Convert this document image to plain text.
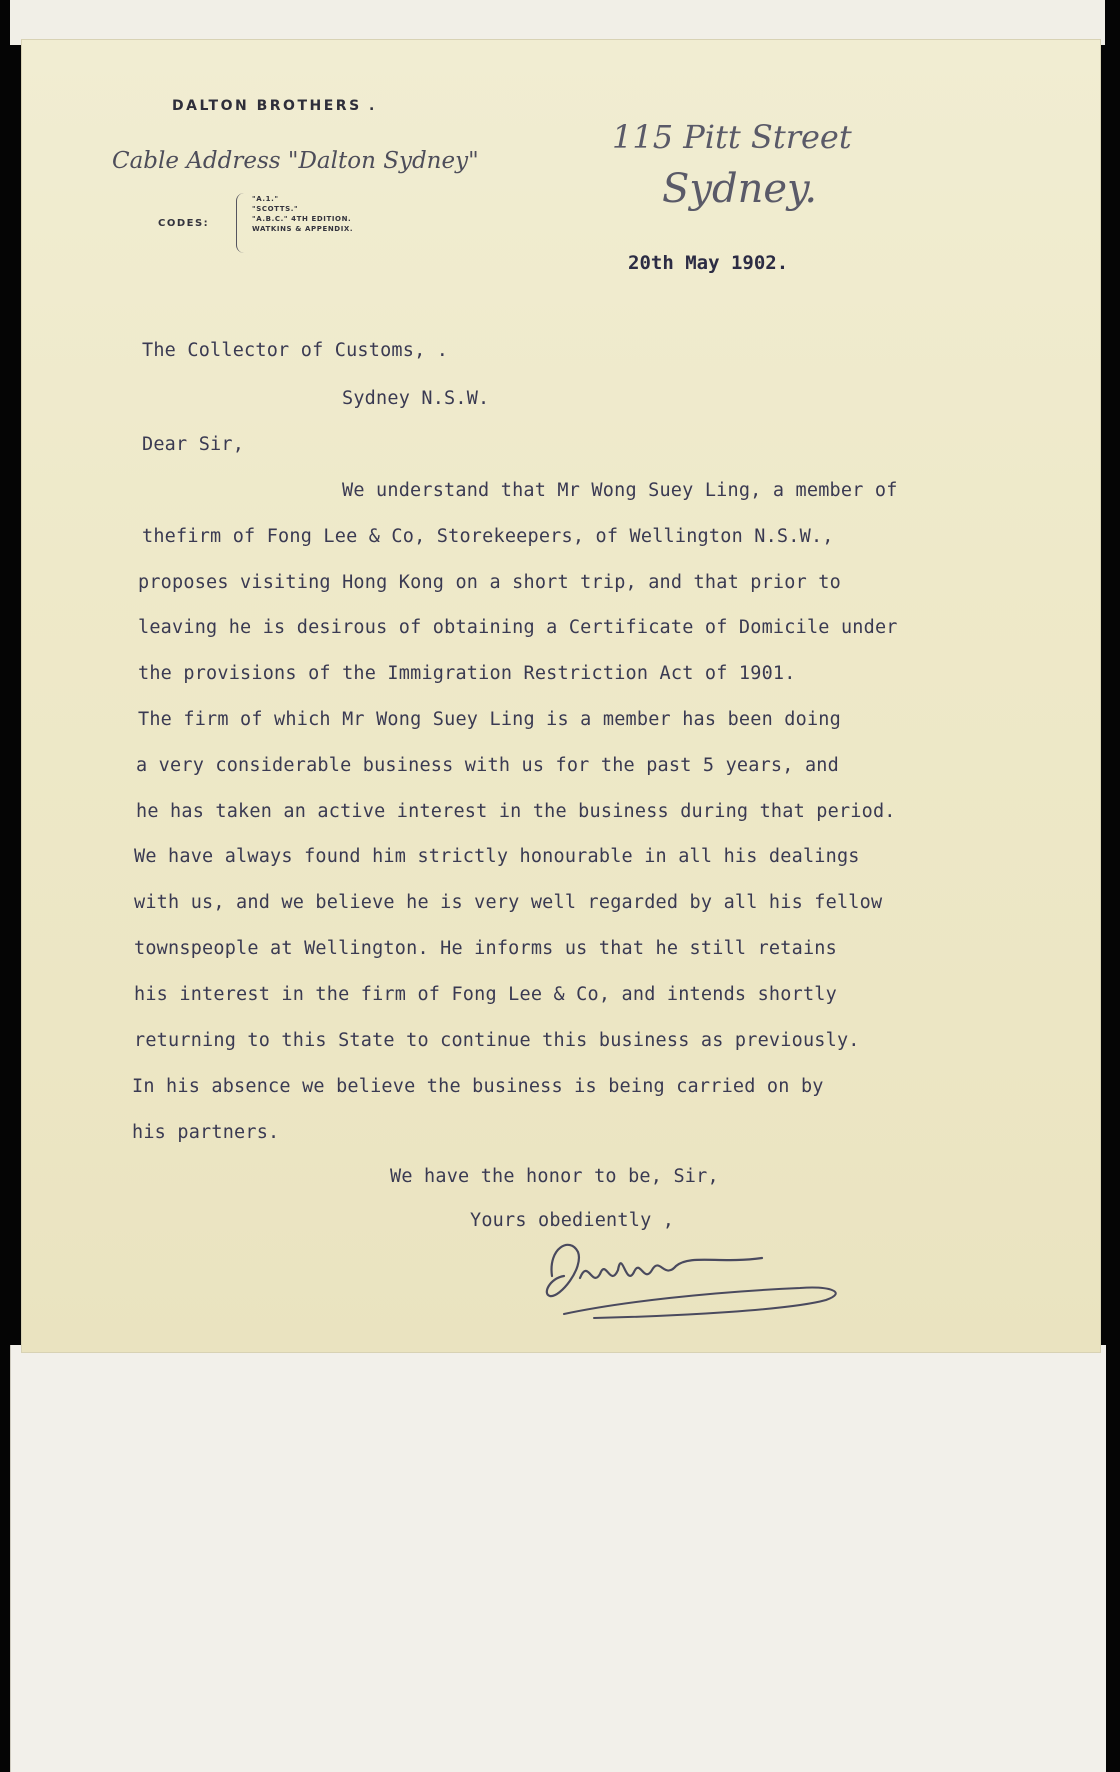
DALTON BROTHERS .
Cable Address "Dalton Sydney"
CODES:
"A.1."
"SCOTTS."
"A.B.C." 4TH EDITION.
WATKINS & APPENDIX.
115 Pitt Street
Sydney.
20th May 1902.
The Collector of Customs, .
Sydney N.S.W.
Dear Sir,
We understand that Mr Wong Suey Ling, a member of
thefirm of Fong Lee & Co, Storekeepers, of Wellington N.S.W.,
proposes visiting Hong Kong on a short trip, and that prior to
leaving he is desirous of obtaining a Certificate of Domicile under
the provisions of the Immigration Restriction Act of 1901.
The firm of which Mr Wong Suey Ling is a member has been doing
a very considerable business with us for the past 5 years, and
he has taken an active interest in the business during that period.
We have always found him strictly honourable in all his dealings
with us, and we believe he is very well regarded by all his fellow
townspeople at Wellington. He informs us that he still retains
his interest in the firm of Fong Lee & Co, and intends shortly
returning to this State to continue this business as previously.
In his absence we believe the business is being carried on by
his partners.
We have the honor to be, Sir,
Yours obediently ,
